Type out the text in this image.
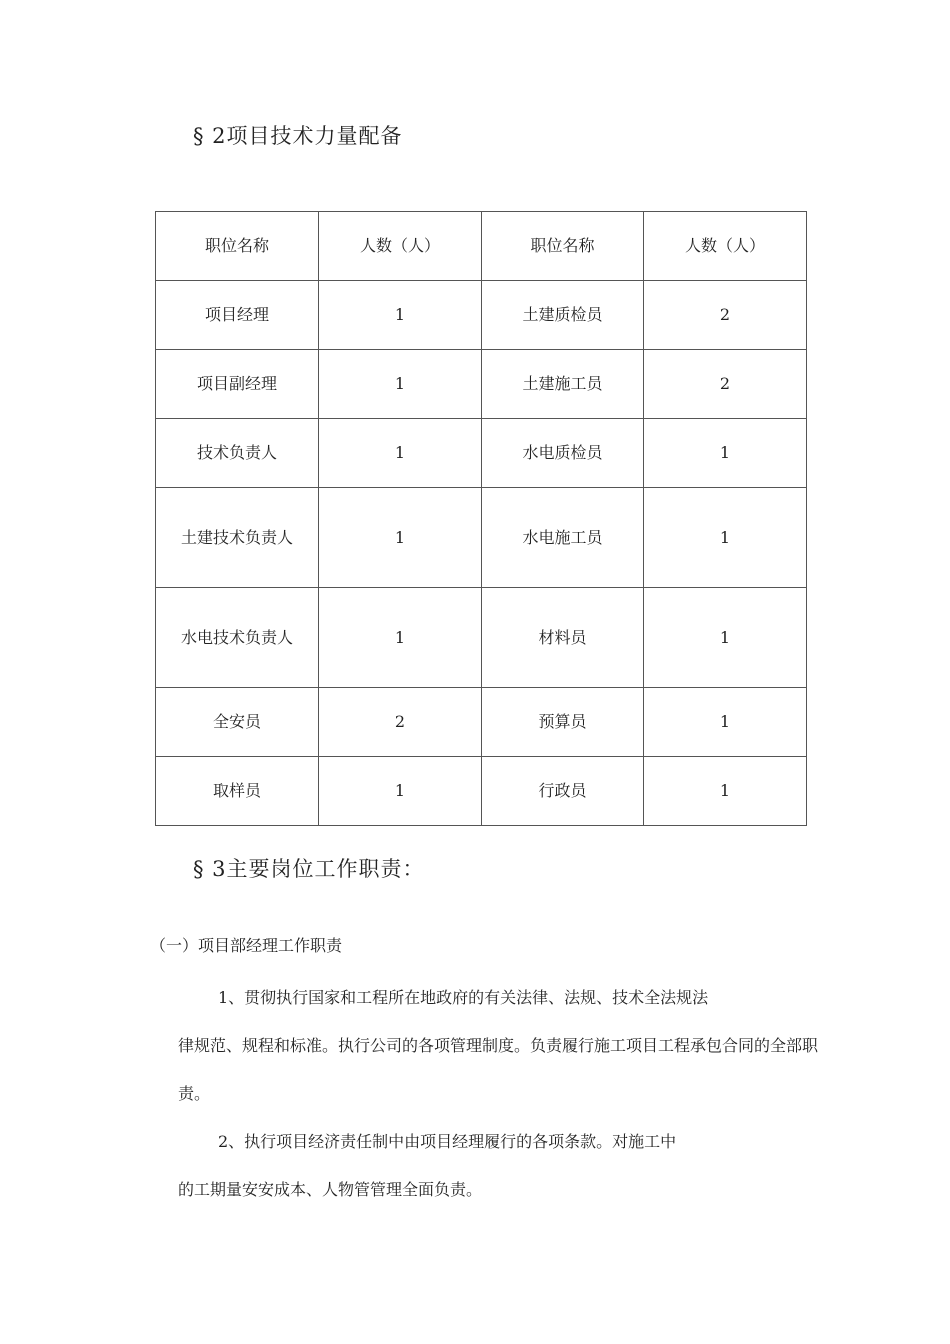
§ 2项目技术力量配备
职位名称	人数（人）	职位名称	人数（人）
项目经理	1	土建质检员	2
项目副经理	1	土建施工员	2
技术负责人	1	水电质检员	1
土建技术负责人	1	水电施工员	1
水电技术负责人	1	材料员	1
全安员	2	预算员	1
取样员	1	行政员	1
§ 3主要岗位工作职责：
（一）项目部经理工作职责
1、贯彻执行国家和工程所在地政府的有关法律、法规、技术全法规法
律规范、规程和标准。执行公司的各项管理制度。负责履行施工项目工程承包合同的全部职责。
2、执行项目经济责任制中由项目经理履行的各项条款。对施工中
的工期量安安成本、人物管管理全面负责。
